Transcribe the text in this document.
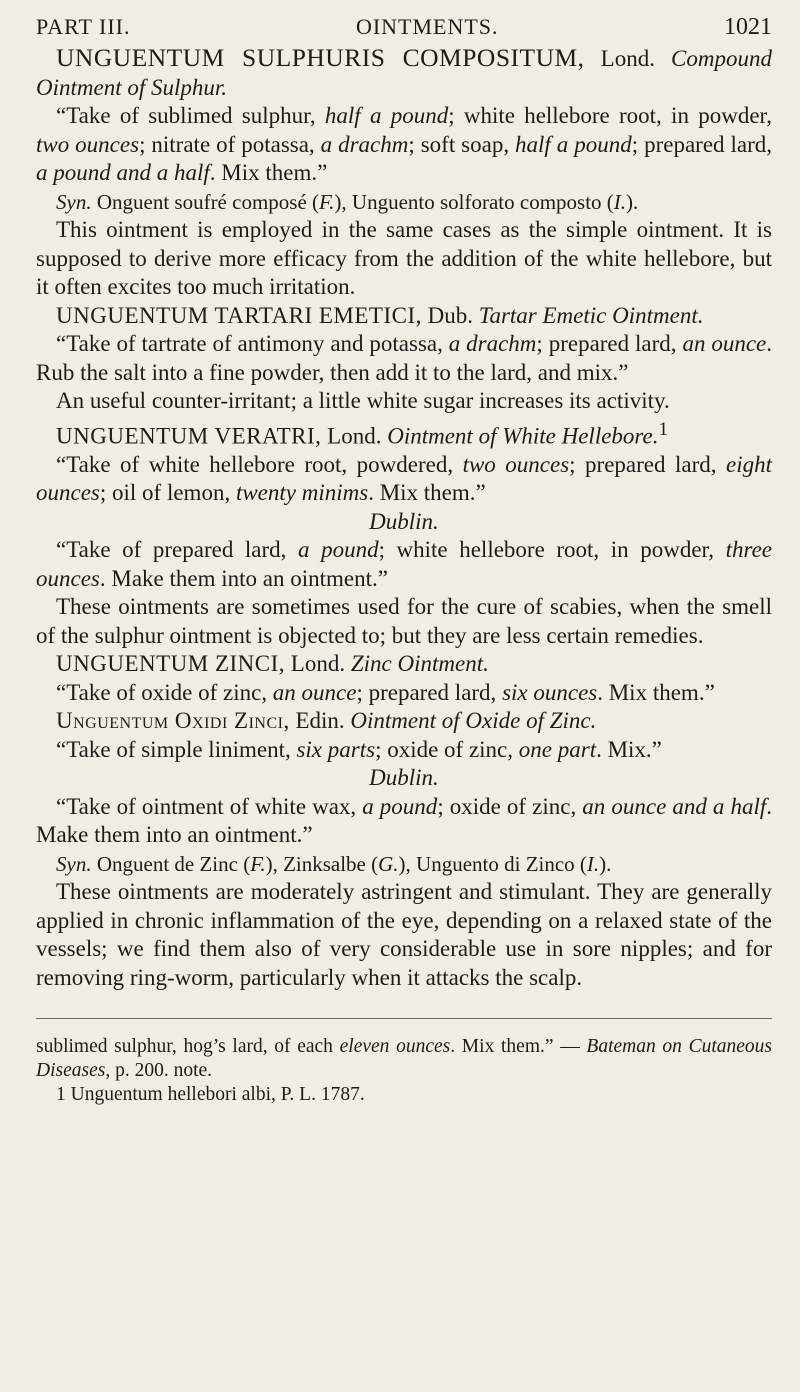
PART III.	OINTMENTS.	1021

UNGUENTUM SULPHURIS COMPOSITUM, Lond. Compound Ointment of Sulphur.

“Take of sublimed sulphur, half a pound; white hellebore root, in powder, two ounces; nitrate of potassa, a drachm; soft soap, half a pound; prepared lard, a pound and a half. Mix them.”

Syn. Onguent soufré composé (F.), Unguento solforato composto (I.).

This ointment is employed in the same cases as the simple ointment. It is supposed to derive more efficacy from the addition of the white hellebore, but it often excites too much irritation.

UNGUENTUM TARTARI EMETICI, Dub. Tartar Emetic Ointment.

“Take of tartrate of antimony and potassa, a drachm; prepared lard, an ounce. Rub the salt into a fine powder, then add it to the lard, and mix.”

An useful counter-irritant; a little white sugar increases its activity.

UNGUENTUM VERATRI, Lond. Ointment of White Hellebore.$^1$

“Take of white hellebore root, powdered, two ounces; prepared lard, eight ounces; oil of lemon, twenty minims. Mix them.”

Dublin.

“Take of prepared lard, a pound; white hellebore root, in powder, three ounces. Make them into an ointment.”

These ointments are sometimes used for the cure of scabies, when the smell of the sulphur ointment is objected to; but they are less certain remedies.

UNGUENTUM ZINCI, Lond. Zinc Ointment.

“Take of oxide of zinc, an ounce; prepared lard, six ounces. Mix them.”

Unguentum Oxidi Zinci, Edin. Ointment of Oxide of Zinc.

“Take of simple liniment, six parts; oxide of zinc, one part. Mix.”

Dublin.

“Take of ointment of white wax, a pound; oxide of zinc, an ounce and a half. Make them into an ointment.”

Syn. Onguent de Zinc (F.), Zinksalbe (G.), Unguento di Zinco (I.).

These ointments are moderately astringent and stimulant. They are generally applied in chronic inflammation of the eye, depending on a relaxed state of the vessels; we find them also of very considerable use in sore nipples; and for removing ring-worm, particularly when it attacks the scalp.

sublimed sulphur, hog’s lard, of each eleven ounces. Mix them.” — Bateman on Cutaneous Diseases, p. 200. note.

1 Unguentum hellebori albi, P. L. 1787.
